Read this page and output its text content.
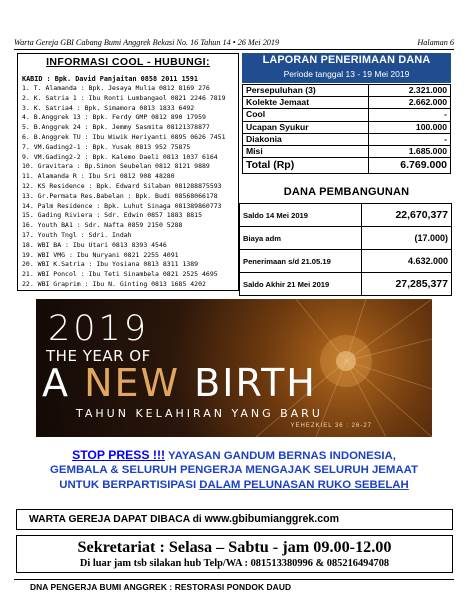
Warta Gereja GBI Cabang Bumi Anggrek Bekasi No. 16 Tahun 14 • 26 Mei 2019	Halaman 6
INFORMASI COOL - HUBUNGI:
KABID : Bpk. David Panjaitan 0858 2011 1591
1. T. Alamanda : Bpk. Jesaya Mulia 0812 8169 276
2. K. Satria 1 : Ibu Ronti Lumbangaol 0821 2246 7819
3. K. Satria4 : Bpk. Simamora 0813 1833 6492
4. B.Anggrek 13 : Bpk. Ferdy GMP 0812 890 17959
5. B.Anggrek 24 : Bpk. Jemmy Sasmita 08121378877
6. B.Anggrek TU : Ibu Wiwik Heriyanti 0895 0626 7451
7. VM.Gading2-1 : Bpk. Yusak 0813 952 75875
9. VM.Gading2-2 : Bpk. Kalemo Daeli 0813 1037 6164
10. Gravitara : Bp.Simon Seubelan 0812 8121 9889
11. Alamanda R : Ibu Sri 0812 908 48280
12. KS Residence : Bpk. Edward Silaban 081288875593
13. Gr.Permata Res.Babelan : Bpk. Budi 08568066178
14. Palm Residence : Bpk. Luhut Sinaga 081389860773
15. Gading Riviera : Sdr. Edwin 0857 1883 8815
16. Youth BA1 : Sdr. Nafta 0859 2150 5288
17. Youth Tngl : Sdri. Indah
18. WBI BA : Ibu Utari 0813 8393 4546
19. WBI VMG : Ibu Nuryani 0821 2255 4091
20. WBI K.Satria : Ibu Yosiana 0813 8311 1389
21. WBI Poncol : Ibu Teti Sinambela 0821 2525 4695
22. WBI Graprim : Ibu N. Ginting 0813 1685 4202
LAPORAN PENERIMAAN DANA
Periode tanggal 13 - 19 Mei 2019
Persepuluhan (3)	2.321.000
Kolekte Jemaat	2.662.000
Cool	-
Ucapan Syukur	100.000
Diakonia	-
Misi	1.685.000
Total (Rp)	6.769.000
DANA PEMBANGUNAN
Saldo 14 Mei 2019	22,670,377
Biaya adm	(17.000)
Penerimaan s/d 21.05.19	4.632.000
Saldo Akhir 21 Mei 2019	27,285,377
2019
THE YEAR OF
A NEW BIRTH
TAHUN KELAHIRAN YANG BARU
YEHEZKIEL 36 : 26-27
STOP PRESS !!! YAYASAN GANDUM BERNAS INDONESIA,
GEMBALA & SELURUH PENGERJA MENGAJAK SELURUH JEMAAT
UNTUK BERPARTISIPASI DALAM PELUNASAN RUKO SEBELAH
WARTA GEREJA DAPAT DIBACA di www.gbibumianggrek.com
Sekretariat : Selasa – Sabtu - jam 09.00-12.00
Di luar jam tsb silakan hub Telp/WA : 081513380996 & 085216494708
DNA PENGERJA BUMI ANGGREK : RESTORASI PONDOK DAUD
